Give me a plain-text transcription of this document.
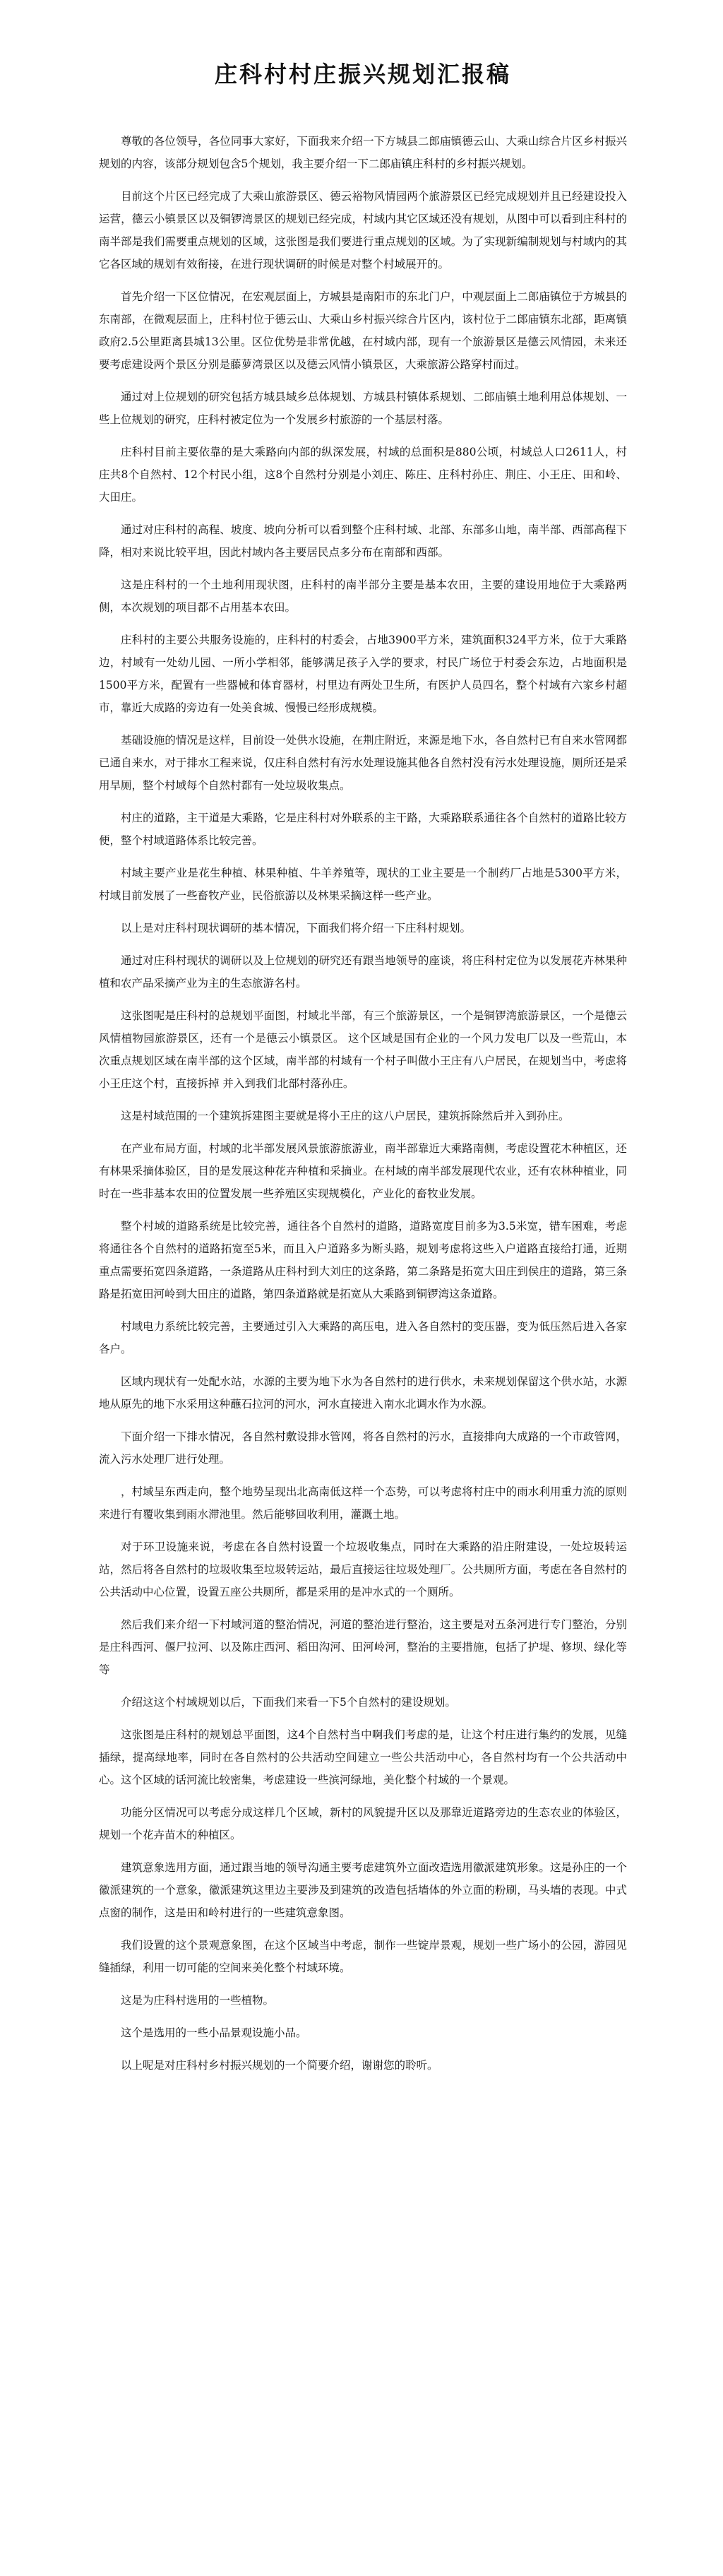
庄科村村庄振兴规划汇报稿

尊敬的各位领导，各位同事大家好，下面我来介绍一下方城县二郎庙镇德云山、大乘山综合片区乡村振兴规划的内容，该部分规划包含5个规划，我主要介绍一下二郎庙镇庄科村的乡村振兴规划。

目前这个片区已经完成了大乘山旅游景区、德云裕物风情园两个旅游景区已经完成规划并且已经建设投入运营，德云小镇景区以及铜锣湾景区的规划已经完成，村域内其它区域还没有规划，从图中可以看到庄科村的南半部是我们需要重点规划的区域，这张图是我们要进行重点规划的区域。为了实现新编制规划与村域内的其它各区域的规划有效衔接，在进行现状调研的时候是对整个村域展开的。

首先介绍一下区位情况，在宏观层面上，方城县是南阳市的东北门户，中观层面上二郎庙镇位于方城县的东南部，在微观层面上，庄科村位于德云山、大乘山乡村振兴综合片区内，该村位于二郎庙镇东北部，距离镇政府2.5公里距离县城13公里。区位优势是非常优越，在村域内部，现有一个旅游景区是德云风情园，未来还要考虑建设两个景区分别是藤萝湾景区以及德云风情小镇景区，大乘旅游公路穿村而过。

通过对上位规划的研究包括方城县域乡总体规划、方城县村镇体系规划、二郎庙镇土地利用总体规划、一些上位规划的研究，庄科村被定位为一个发展乡村旅游的一个基层村落。

庄科村目前主要依靠的是大乘路向内部的纵深发展，村域的总面积是880公顷，村域总人口2611人，村庄共8个自然村、12个村民小组，这8个自然村分别是小刘庄、陈庄、庄科村孙庄、荆庄、小王庄、田和岭、大田庄。

通过对庄科村的高程、坡度、坡向分析可以看到整个庄科村域、北部、东部多山地，南半部、西部高程下降，相对来说比较平坦，因此村域内各主要居民点多分布在南部和西部。

这是庄科村的一个土地利用现状图，庄科村的南半部分主要是基本农田，主要的建设用地位于大乘路两侧，本次规划的项目都不占用基本农田。

庄科村的主要公共服务设施的，庄科村的村委会，占地3900平方米，建筑面积324平方米，位于大乘路边，村域有一处幼儿园、一所小学相邻，能够满足孩子入学的要求，村民广场位于村委会东边，占地面积是1500平方米，配置有一些器械和体育器材，村里边有两处卫生所，有医护人员四名，整个村域有六家乡村超市，靠近大成路的旁边有一处美食城、慢慢已经形成规模。

基础设施的情况是这样，目前设一处供水设施，在荆庄附近，来源是地下水，各自然村已有自来水管网都已通自来水，对于排水工程来说，仅庄科自然村有污水处理设施其他各自然村没有污水处理设施，厕所还是采用旱厕，整个村域每个自然村都有一处垃圾收集点。

村庄的道路，主干道是大乘路，它是庄科村对外联系的主干路，大乘路联系通往各个自然村的道路比较方便，整个村域道路体系比较完善。

村域主要产业是花生种植、林果种植、牛羊养殖等，现状的工业主要是一个制药厂占地是5300平方米，村域目前发展了一些畜牧产业，民俗旅游以及林果采摘这样一些产业。

以上是对庄科村现状调研的基本情况，下面我们将介绍一下庄科村规划。

通过对庄科村现状的调研以及上位规划的研究还有跟当地领导的座谈，将庄科村定位为以发展花卉林果种植和农产品采摘产业为主的生态旅游名村。

这张图呢是庄科村的总规划平面图，村域北半部，有三个旅游景区，一个是铜锣湾旅游景区，一个是德云风情植物园旅游景区，还有一个是德云小镇景区。 这个区域是国有企业的一个风力发电厂以及一些荒山，本次重点规划区域在南半部的这个区域，南半部的村域有一个村子叫做小王庄有八户居民，在规划当中，考虑将小王庄这个村，直接拆掉 并入到我们北部村落孙庄。

这是村域范围的一个建筑拆建图主要就是将小王庄的这八户居民，建筑拆除然后并入到孙庄。

在产业布局方面，村域的北半部发展风景旅游旅游业，南半部靠近大乘路南侧，考虑设置花木种植区，还有林果采摘体验区，目的是发展这种花卉种植和采摘业。在村域的南半部发展现代农业，还有农林种植业，同时在一些非基本农田的位置发展一些养殖区实现规模化，产业化的畜牧业发展。

整个村域的道路系统是比较完善，通往各个自然村的道路，道路宽度目前多为3.5米宽，错车困难，考虑将通往各个自然村的道路拓宽至5米，而且入户道路多为断头路，规划考虑将这些入户道路直接给打通，近期重点需要拓宽四条道路，一条道路从庄科村到大刘庄的这条路，第二条路是拓宽大田庄到侯庄的道路，第三条路是拓宽田河岭到大田庄的道路，第四条道路就是拓宽从大乘路到铜锣湾这条道路。

村域电力系统比较完善，主要通过引入大乘路的高压电，进入各自然村的变压器，变为低压然后进入各家各户。

区域内现状有一处配水站，水源的主要为地下水为各自然村的进行供水，未来规划保留这个供水站，水源地从原先的地下水采用这种蘸石拉河的河水，河水直接进入南水北调水作为水源。

下面介绍一下排水情况，各自然村敷设排水管网，将各自然村的污水，直接排向大成路的一个市政管网，流入污水处理厂进行处理。

，村域呈东西走向，整个地势呈现出北高南低这样一个态势，可以考虑将村庄中的雨水利用重力流的原则来进行有覆收集到雨水滞池里。然后能够回收利用，灌溉土地。

对于环卫设施来说，考虑在各自然村设置一个垃圾收集点，同时在大乘路的沿庄附建设，一处垃圾转运站，然后将各自然村的垃圾收集至垃圾转运站，最后直接运往垃圾处理厂。公共厕所方面，考虑在各自然村的公共活动中心位置，设置五座公共厕所，都是采用的是冲水式的一个厕所。

然后我们来介绍一下村域河道的整治情况，河道的整治进行整治，这主要是对五条河进行专门整治，分别是庄科西河、偃尸拉河、以及陈庄西河、稻田沟河、田河岭河，整治的主要措施，包括了护堤、修坝、绿化等等

介绍这这个村域规划以后，下面我们来看一下5个自然村的建设规划。

这张图是庄科村的规划总平面图，这4个自然村当中啊我们考虑的是，让这个村庄进行集约的发展，见缝插绿，提高绿地率，同时在各自然村的公共活动空间建立一些公共活动中心，各自然村均有一个公共活动中心。这个区域的话河流比较密集，考虑建设一些滨河绿地，美化整个村域的一个景观。

功能分区情况可以考虑分成这样几个区域，新村的风貌提升区以及那靠近道路旁边的生态农业的体验区，规划一个花卉苗木的种植区。

建筑意象选用方面，通过跟当地的领导沟通主要考虑建筑外立面改造选用徽派建筑形象。这是孙庄的一个徽派建筑的一个意象，徽派建筑这里边主要涉及到建筑的改造包括墙体的外立面的粉刷，马头墙的表现。中式点窗的制作，这是田和岭村进行的一些建筑意象图。

我们设置的这个景观意象图，在这个区域当中考虑，制作一些锭岸景观，规划一些广场小的公园，游园见缝插绿，利用一切可能的空间来美化整个村域环境。

这是为庄科村选用的一些植物。

这个是选用的一些小品景观设施小品。

以上呢是对庄科村乡村振兴规划的一个简要介绍，谢谢您的聆听。
